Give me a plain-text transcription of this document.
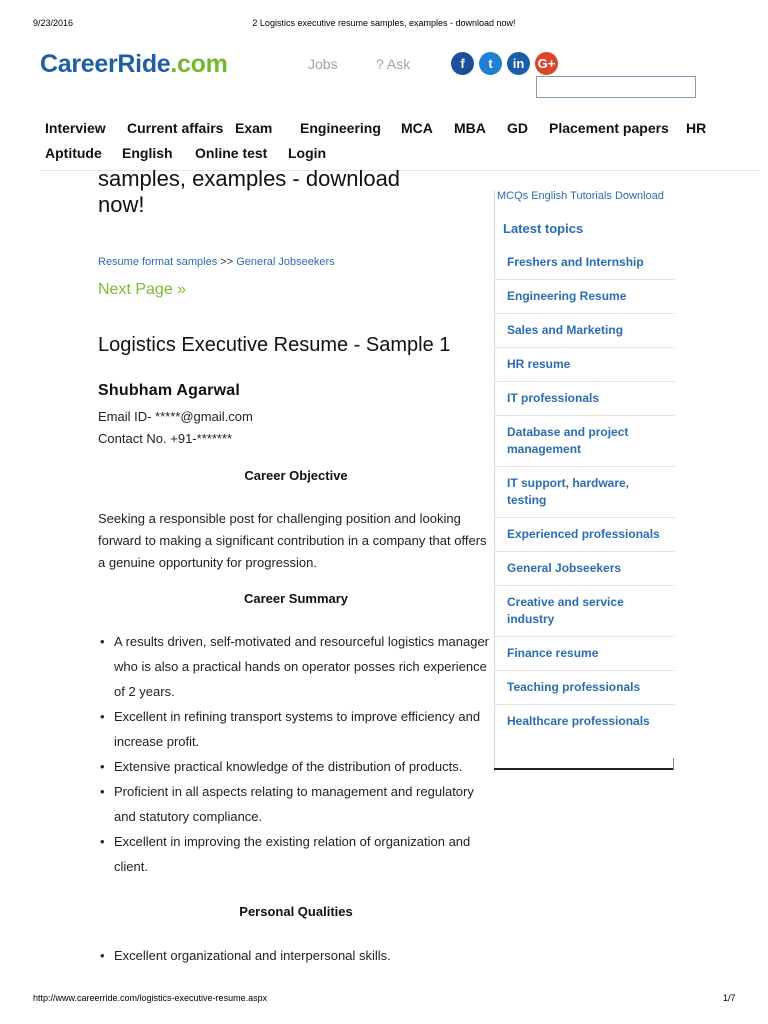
9/23/2016	2 Logistics executive resume samples, examples - download now!
CareerRide.com	Jobs	? Ask	f	t	in	G+
Interview Current affairs Exam Engineering MCA MBA GD Placement papers HR
Aptitude English Online test Login
samples, examples - download
now!
Resume format samples >> General Jobseekers
Next Page »
Logistics Executive Resume - Sample 1
Shubham Agarwal
Email ID- *****@gmail.com
Contact No. +91-*******
Career Objective
Seeking a responsible post for challenging position and looking forward to making a significant contribution in a company that offers a genuine opportunity for progression.
Career Summary
• A results driven, self-motivated and resourceful logistics manager who is also a practical hands on operator posses rich experience of 2 years.
• Excellent in refining transport systems to improve efficiency and increase profit.
• Extensive practical knowledge of the distribution of products.
• Proficient in all aspects relating to management and regulatory and statutory compliance.
• Excellent in improving the existing relation of organization and client.
Personal Qualities
• Excellent organizational and interpersonal skills.
MCQs English Tutorials Download
Latest topics
Freshers and Internship
Engineering Resume
Sales and Marketing
HR resume
IT professionals
Database and project management
IT support, hardware, testing
Experienced professionals
General Jobseekers
Creative and service industry
Finance resume
Teaching professionals
Healthcare professionals
http://www.careerride.com/logistics-executive-resume.aspx	1/7
